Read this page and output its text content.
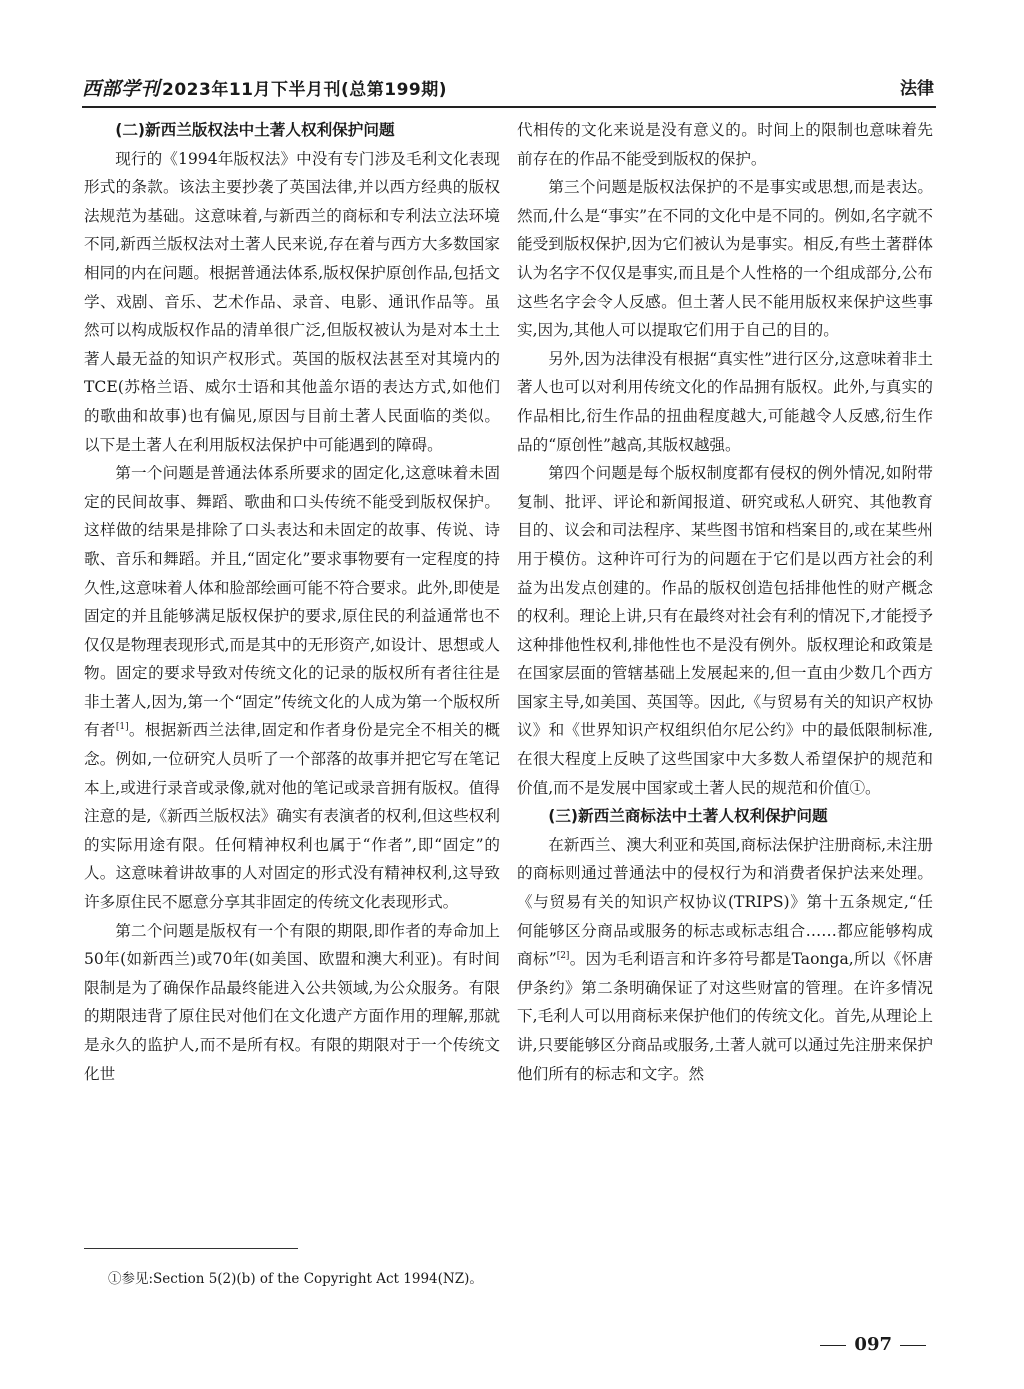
西部学刊 2023年11月下半月刊(总第199期)	法律
(二)新西兰版权法中土著人权利保护问题

现行的《1994年版权法》中没有专门涉及毛利文化表现形式的条款。该法主要抄袭了英国法律,并以西方经典的版权法规范为基础。这意味着,与新西兰的商标和专利法立法环境不同,新西兰版权法对土著人民来说,存在着与西方大多数国家相同的内在问题。根据普通法体系,版权保护原创作品,包括文学、戏剧、音乐、艺术作品、录音、电影、通讯作品等。虽然可以构成版权作品的清单很广泛,但版权被认为是对本土土著人最无益的知识产权形式。英国的版权法甚至对其境内的TCE(苏格兰语、威尔士语和其他盖尔语的表达方式,如他们的歌曲和故事)也有偏见,原因与目前土著人民面临的类似。以下是土著人在利用版权法保护中可能遇到的障碍。

第一个问题是普通法体系所要求的固定化,这意味着未固定的民间故事、舞蹈、歌曲和口头传统不能受到版权保护。这样做的结果是排除了口头表达和未固定的故事、传说、诗歌、音乐和舞蹈。并且,“固定化”要求事物要有一定程度的持久性,这意味着人体和脸部绘画可能不符合要求。此外,即使是固定的并且能够满足版权保护的要求,原住民的利益通常也不仅仅是物理表现形式,而是其中的无形资产,如设计、思想或人物。固定的要求导致对传统文化的记录的版权所有者往往是非土著人,因为,第一个“固定”传统文化的人成为第一个版权所有者[1]。根据新西兰法律,固定和作者身份是完全不相关的概念。例如,一位研究人员听了一个部落的故事并把它写在笔记本上,或进行录音或录像,就对他的笔记或录音拥有版权。值得注意的是,《新西兰版权法》确实有表演者的权利,但这些权利的实际用途有限。任何精神权利也属于“作者”,即“固定”的人。这意味着讲故事的人对固定的形式没有精神权利,这导致许多原住民不愿意分享其非固定的传统文化表现形式。

第二个问题是版权有一个有限的期限,即作者的寿命加上50年(如新西兰)或70年(如美国、欧盟和澳大利亚)。有时间限制是为了确保作品最终能进入公共领域,为公众服务。有限的期限违背了原住民对他们在文化遗产方面作用的理解,那就是永久的监护人,而不是所有权。有限的期限对于一个传统文化世

代相传的文化来说是没有意义的。时间上的限制也意味着先前存在的作品不能受到版权的保护。

第三个问题是版权法保护的不是事实或思想,而是表达。然而,什么是“事实”在不同的文化中是不同的。例如,名字就不能受到版权保护,因为它们被认为是事实。相反,有些土著群体认为名字不仅仅是事实,而且是个人性格的一个组成部分,公布这些名字会令人反感。但土著人民不能用版权来保护这些事实,因为,其他人可以提取它们用于自己的目的。

另外,因为法律没有根据“真实性”进行区分,这意味着非土著人也可以对利用传统文化的作品拥有版权。此外,与真实的作品相比,衍生作品的扭曲程度越大,可能越令人反感,衍生作品的“原创性”越高,其版权越强。

第四个问题是每个版权制度都有侵权的例外情况,如附带复制、批评、评论和新闻报道、研究或私人研究、其他教育目的、议会和司法程序、某些图书馆和档案目的,或在某些州用于模仿。这种许可行为的问题在于它们是以西方社会的利益为出发点创建的。作品的版权创造包括排他性的财产概念的权利。理论上讲,只有在最终对社会有利的情况下,才能授予这种排他性权利,排他性也不是没有例外。版权理论和政策是在国家层面的管辖基础上发展起来的,但一直由少数几个西方国家主导,如美国、英国等。因此,《与贸易有关的知识产权协议》和《世界知识产权组织伯尔尼公约》中的最低限制标准,在很大程度上反映了这些国家中大多数人希望保护的规范和价值,而不是发展中国家或土著人民的规范和价值①。

(三)新西兰商标法中土著人权利保护问题

在新西兰、澳大利亚和英国,商标法保护注册商标,未注册的商标则通过普通法中的侵权行为和消费者保护法来处理。《与贸易有关的知识产权协议(TRIPS)》第十五条规定,“任何能够区分商品或服务的标志或标志组合……都应能够构成商标”[2]。因为毛利语言和许多符号都是Taonga,所以《怀唐伊条约》第二条明确保证了对这些财富的管理。在许多情况下,毛利人可以用商标来保护他们的传统文化。首先,从理论上讲,只要能够区分商品或服务,土著人就可以通过先注册来保护他们所有的标志和文字。然

①参见:Section 5(2)(b) of the Copyright Act 1994(NZ)。
097
